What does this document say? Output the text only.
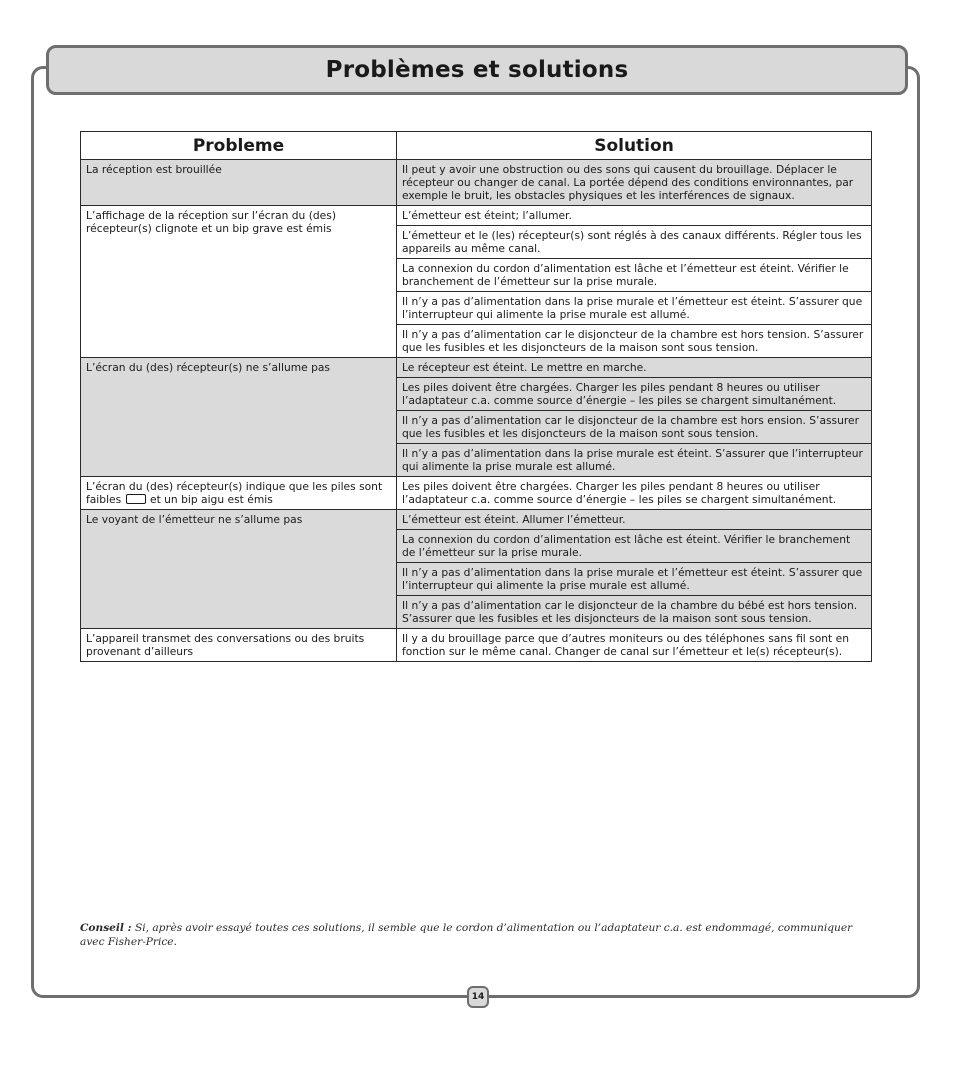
Problèmes et solutions
Probleme	Solution
La réception est brouillée	Il peut y avoir une obstruction ou des sons qui causent du brouillage. Déplacer le récepteur ou changer de canal. La portée dépend des conditions environnantes, par exemple le bruit, les obstacles physiques et les interférences de signaux.
L’affichage de la réception sur l’écran du (des) récepteur(s) clignote et un bip grave est émis	L’émetteur est éteint; l’allumer.
	L’émetteur et le (les) récepteur(s) sont réglés à des canaux différents. Régler tous les appareils au même canal.
	La connexion du cordon d’alimentation est lâche et l’émetteur est éteint. Vérifier le branchement de l’émetteur sur la prise murale.
	Il n’y a pas d’alimentation dans la prise murale et l’émetteur est éteint. S’assurer que l’interrupteur qui alimente la prise murale est allumé.
	Il n’y a pas d’alimentation car le disjoncteur de la chambre est hors tension. S’assurer que les fusibles et les disjoncteurs de la maison sont sous tension.
L’écran du (des) récepteur(s) ne s’allume pas	Le récepteur est éteint. Le mettre en marche.
	Les piles doivent être chargées. Charger les piles pendant 8 heures ou utiliser l’adaptateur c.a. comme source d’énergie – les piles se chargent simultanément.
	Il n’y a pas d’alimentation car le disjoncteur de la chambre est hors ension. S’assurer que les fusibles et les disjoncteurs de la maison sont sous tension.
	Il n’y a pas d’alimentation dans la prise murale est éteint. S’assurer que l’interrupteur qui alimente la prise murale est allumé.
L’écran du (des) récepteur(s) indique que les piles sont faibles et un bip aigu est émis	Les piles doivent être chargées. Charger les piles pendant 8 heures ou utiliser l’adaptateur c.a. comme source d’énergie – les piles se chargent simultanément.
Le voyant de l’émetteur ne s’allume pas	L’émetteur est éteint. Allumer l’émetteur.
	La connexion du cordon d’alimentation est lâche est éteint. Vérifier le branchement de l’émetteur sur la prise murale.
	Il n’y a pas d’alimentation dans la prise murale et l’émetteur est éteint. S’assurer que l’interrupteur qui alimente la prise murale est allumé.
	Il n’y a pas d’alimentation car le disjoncteur de la chambre du bébé est hors tension. S’assurer que les fusibles et les disjoncteurs de la maison sont sous tension.
L’appareil transmet des conversations ou des bruits provenant d’ailleurs	Il y a du brouillage parce que d’autres moniteurs ou des téléphones sans fil sont en fonction sur le même canal. Changer de canal sur l’émetteur et le(s) récepteur(s).
Conseil : Si, après avoir essayé toutes ces solutions, il semble que le cordon d’alimentation ou l’adaptateur c.a. est endommagé, communiquer avec Fisher-Price.
14
